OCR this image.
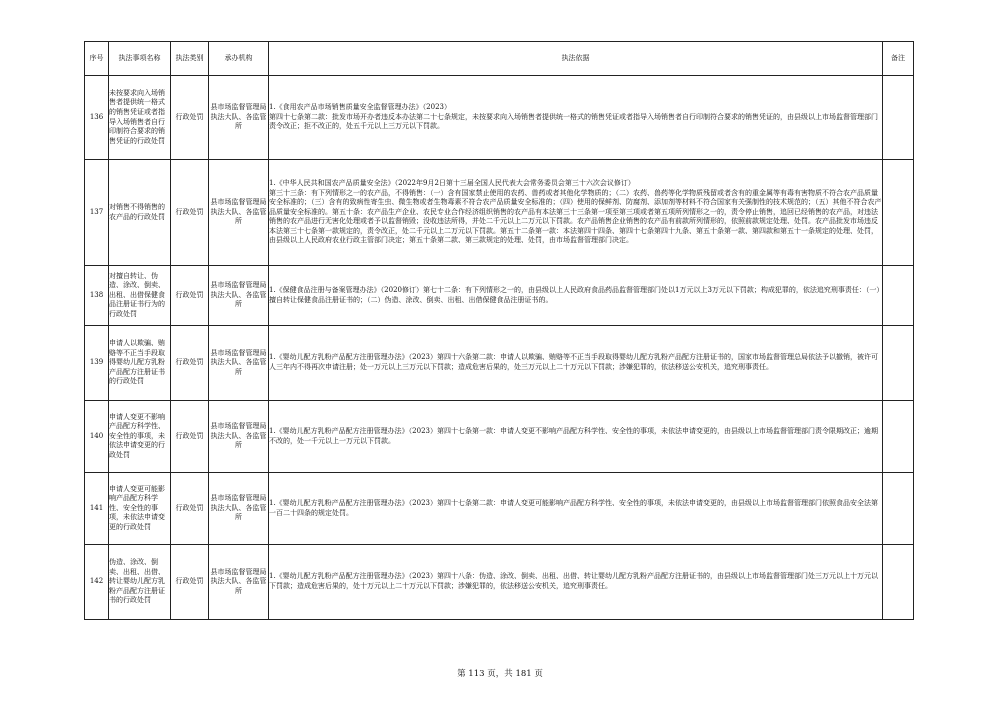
序号	执法事项名称	执法类别	承办机构	执法依据	备注
136	未按要求向入场销售者提供统一格式的销售凭证或者指导入场销售者自行印制符合要求的销售凭证的行政处罚	行政处罚	县市场监督管理局执法大队、各监管所	1.《食用农产品市场销售质量安全监督管理办法》（2023）
第四十七条第二款：批发市场开办者违反本办法第二十七条规定，未按要求向入场销售者提供统一格式的销售凭证或者指导入场销售者自行印制符合要求的销售凭证的，由县级以上市场监督管理部门责令改正；拒不改正的，处五千元以上三万元以下罚款。	
137	对销售不得销售的农产品的行政处罚	行政处罚	县市场监督管理局执法大队、各监管所	1.《中华人民共和国农产品质量安全法》（2022年9月2日第十三届全国人民代表大会常务委员会第三十六次会议修订）
第三十三条：有下列情形之一的农产品，不得销售：（一）含有国家禁止使用的农药、兽药或者其他化学物质的；（二）农药、兽药等化学物质残留或者含有的重金属等有毒有害物质不符合农产品质量安全标准的；（三）含有的致病性寄生虫、微生物或者生物毒素不符合农产品质量安全标准的；（四）使用的保鲜剂、防腐剂、添加剂等材料不符合国家有关强制性的技术规范的；（五）其他不符合农产品质量安全标准的。第五十条：农产品生产企业、农民专业合作经济组织销售的农产品有本法第三十三条第一项至第三项或者第五项所列情形之一的，责令停止销售，追回已经销售的农产品，对违法销售的农产品进行无害化处理或者予以监督销毁；没收违法所得，并处二千元以上二万元以下罚款。农产品销售企业销售的农产品有前款所列情形的，依照前款规定处理、处罚。农产品批发市场违反本法第三十七条第一款规定的，责令改正，处二千元以上二万元以下罚款。第五十二条第一款：本法第四十四条、第四十七条第四十九条、第五十条第一款、第四款和第五十一条规定的处理、处罚，由县级以上人民政府农业行政主管部门决定；第五十条第二款、第三款规定的处理、处罚，由市场监督管理部门决定。	
138	对擅自转让、伪造、涂改、倒卖、出租、出借保健食品注册证书行为的行政处罚	行政处罚	县市场监督管理局执法大队、各监管所	1.《保健食品注册与备案管理办法》（2020修订）第七十二条：有下列情形之一的，由县级以上人民政府食品药品监督管理部门处以1万元以上3万元以下罚款；构成犯罪的，依法追究刑事责任：（一）擅自转让保健食品注册证书的；（二）伪造、涂改、倒卖、出租、出借保健食品注册证书的。	
139	申请人以欺骗、贿赂等不正当手段取得婴幼儿配方乳粉产品配方注册证书的行政处罚	行政处罚	县市场监督管理局执法大队、各监管所	1.《婴幼儿配方乳粉产品配方注册管理办法》（2023）第四十六条第二款：申请人以欺骗、贿赂等不正当手段取得婴幼儿配方乳粉产品配方注册证书的，国家市场监督管理总局依法予以撤销，被许可人三年内不得再次申请注册；处一万元以上三万元以下罚款；造成危害后果的，处三万元以上二十万元以下罚款；涉嫌犯罪的，依法移送公安机关，追究刑事责任。	
140	申请人变更不影响产品配方科学性、安全性的事项，未依法申请变更的行政处罚	行政处罚	县市场监督管理局执法大队、各监管所	1.《婴幼儿配方乳粉产品配方注册管理办法》（2023）第四十七条第一款：申请人变更不影响产品配方科学性、安全性的事项，未依法申请变更的，由县级以上市场监督管理部门责令限期改正；逾期不改的，处一千元以上一万元以下罚款。	
141	申请人变更可能影响产品配方科学性、安全性的事项，未依法申请变更的行政处罚	行政处罚	县市场监督管理局执法大队、各监管所	1.《婴幼儿配方乳粉产品配方注册管理办法》（2023）第四十七条第二款：申请人变更可能影响产品配方科学性、安全性的事项，未依法申请变更的，由县级以上市场监督管理部门依照食品安全法第一百二十四条的规定处罚。	
142	伪造、涂改、倒卖、出租、出借、转让婴幼儿配方乳粉产品配方注册证书的行政处罚	行政处罚	县市场监督管理局执法大队、各监管所	1.《婴幼儿配方乳粉产品配方注册管理办法》（2023）第四十八条：伪造、涂改、倒卖、出租、出借、转让婴幼儿配方乳粉产品配方注册证书的，由县级以上市场监督管理部门处三万元以上十万元以下罚款；造成危害后果的，处十万元以上二十万元以下罚款；涉嫌犯罪的，依法移送公安机关，追究刑事责任。	
第 113 页，共 181 页
